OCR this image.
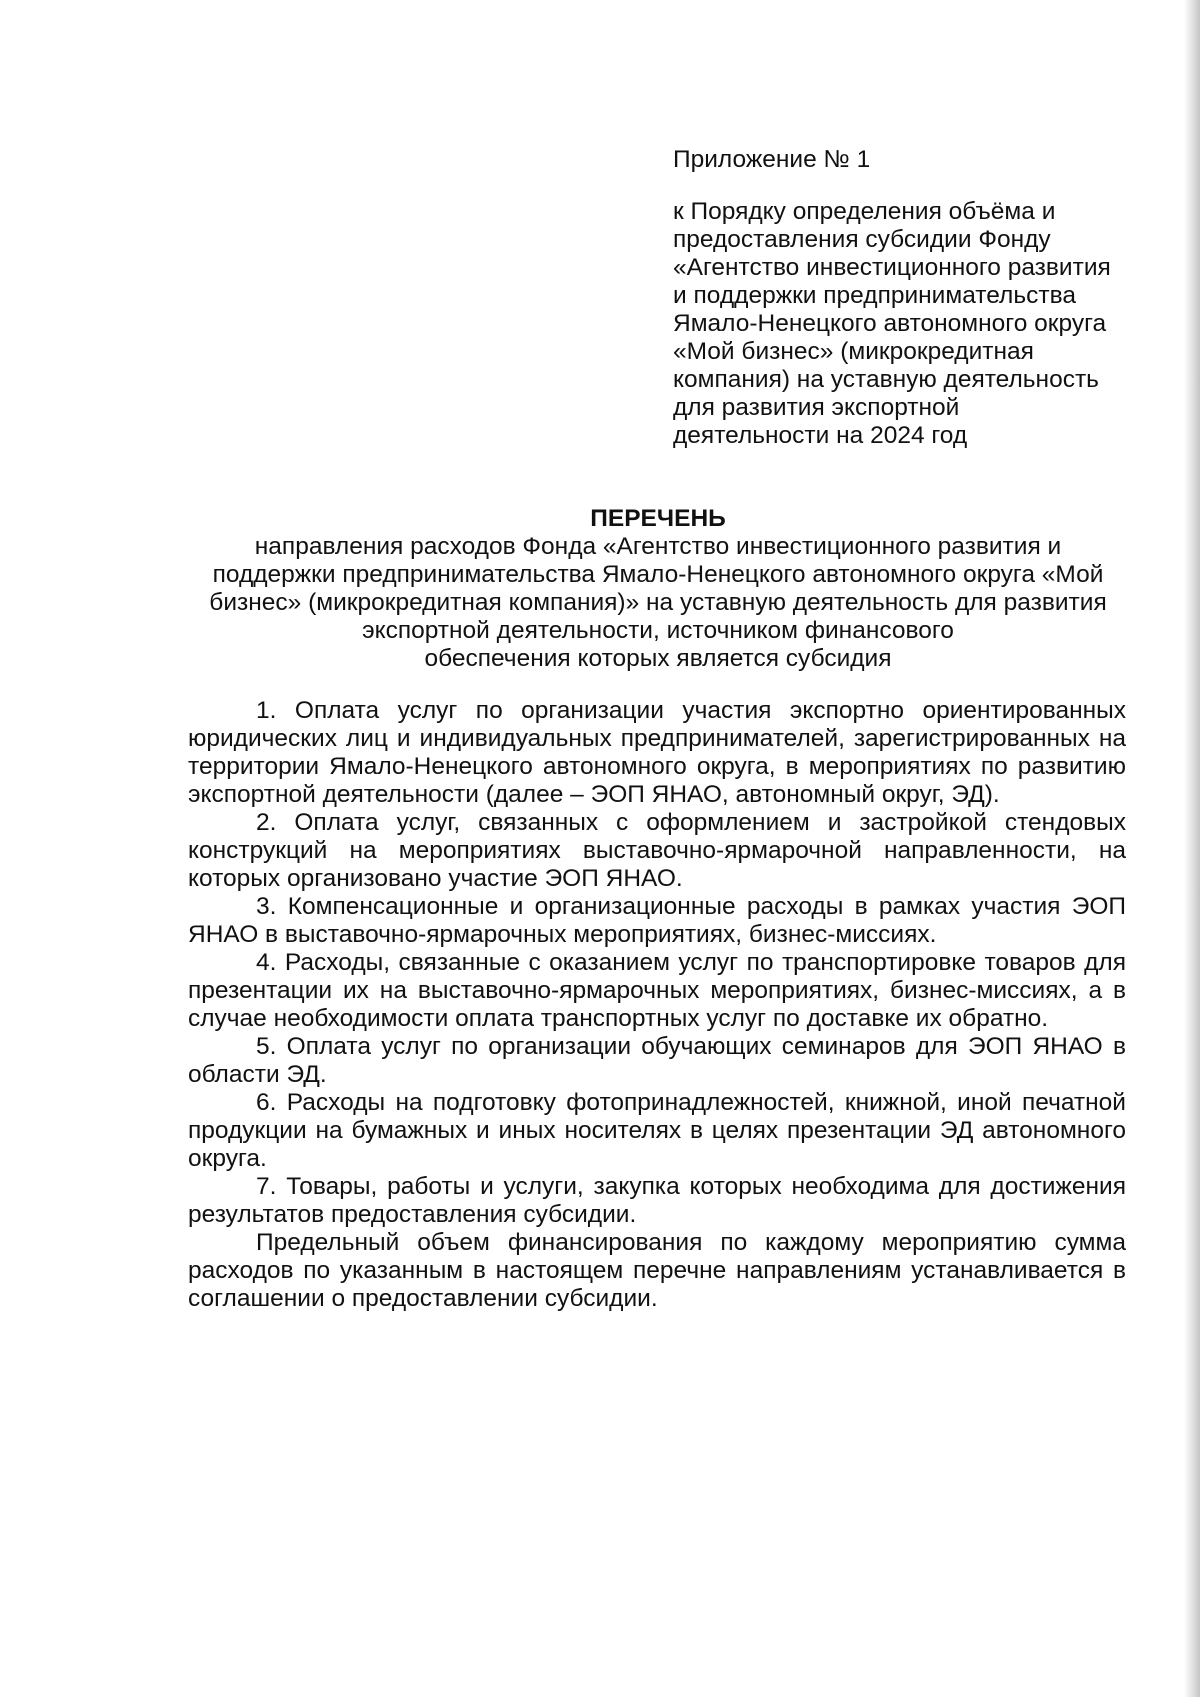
Приложение № 1

к Порядку определения объёма и
предоставления субсидии Фонду
«Агентство инвестиционного развития
и поддержки предпринимательства
Ямало-Ненецкого автономного округа
«Мой бизнес» (микрокредитная
компания) на уставную деятельность
для развития экспортной
деятельности на 2024 год

ПЕРЕЧЕНЬ

направления расходов Фонда «Агентство инвестиционного развития и
поддержки предпринимательства Ямало-Ненецкого автономного округа «Мой
бизнес» (микрокредитная компания)» на уставную деятельность для развития
экспортной деятельности, источником финансового
обеспечения которых является субсидия

1. Оплата услуг по организации участия экспортно ориентированных юридических лиц и индивидуальных предпринимателей, зарегистрированных на территории Ямало-Ненецкого автономного округа, в мероприятиях по развитию экспортной деятельности (далее – ЭОП ЯНАО, автономный округ, ЭД).

2. Оплата услуг, связанных с оформлением и застройкой стендовых конструкций на мероприятиях выставочно-ярмарочной направленности, на которых организовано участие ЭОП ЯНАО.

3. Компенсационные и организационные расходы в рамках участия ЭОП ЯНАО в выставочно-ярмарочных мероприятиях, бизнес-миссиях.

4. Расходы, связанные с оказанием услуг по транспортировке товаров для презентации их на выставочно-ярмарочных мероприятиях, бизнес-миссиях, а в случае необходимости оплата транспортных услуг по доставке их обратно.

5. Оплата услуг по организации обучающих семинаров для ЭОП ЯНАО в области ЭД.

6. Расходы на подготовку фотопринадлежностей, книжной, иной печатной продукции на бумажных и иных носителях в целях презентации ЭД автономного округа.

7. Товары, работы и услуги, закупка которых необходима для достижения результатов предоставления субсидии.

Предельный объем финансирования по каждому мероприятию сумма расходов по указанным в настоящем перечне направлениям устанавливается в соглашении о предоставлении субсидии.
